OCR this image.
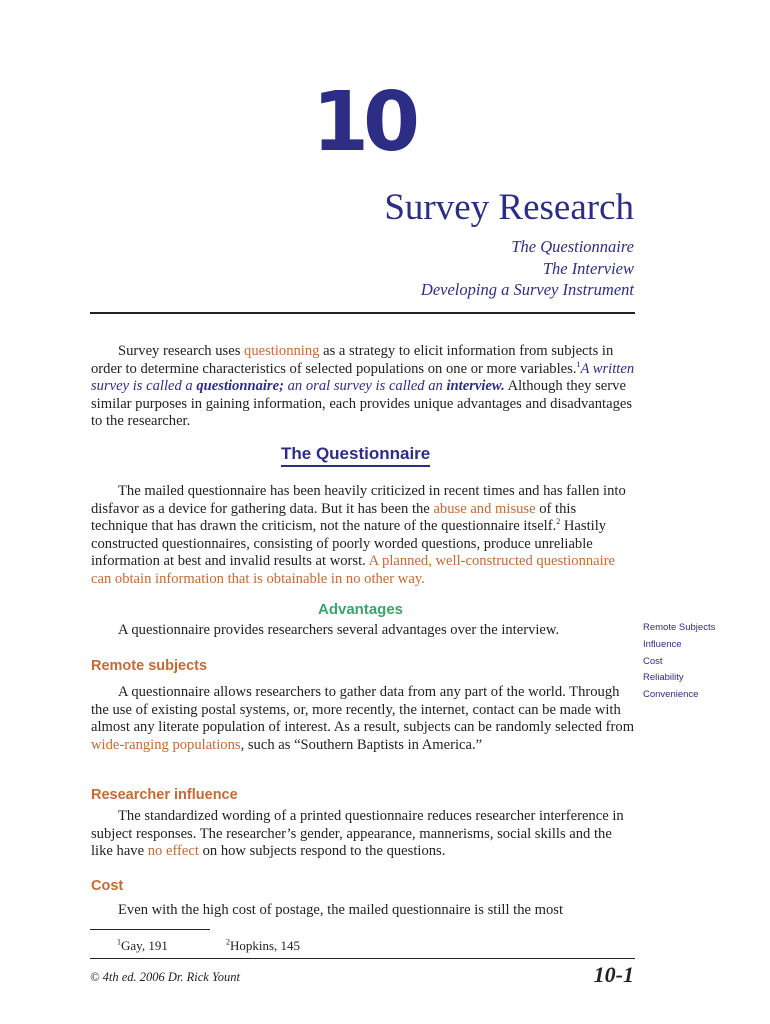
10
Survey Research
The Questionnaire
The Interview
Developing a Survey Instrument

Survey research uses questionning as a strategy to elicit information from subjects in order to determine characteristics of selected populations on one or more variables.$^1$A written survey is called a questionnaire; an oral survey is called an interview. Although they serve similar purposes in gaining information, each provides unique advantages and disadvantages to the researcher.

The Questionnaire

The mailed questionnaire has been heavily criticized in recent times and has fallen into disfavor as a device for gathering data. But it has been the abuse and misuse of this technique that has drawn the criticism, not the nature of the questionnaire itself.$^2$ Hastily constructed questionnaires, consisting of poorly worded questions, produce unreliable information at best and invalid results at worst. A planned, well-constructed questionnaire can obtain information that is obtainable in no other way.

Advantages

A questionnaire provides researchers several advantages over the interview.	Remote Subjects
Influence
Cost
Reliability
Convenience
Remote subjects

A questionnaire allows researchers to gather data from any part of the world. Through the use of existing postal systems, or, more recently, the internet, contact can be made with almost any literate population of interest. As a result, subjects can be randomly selected from wide-ranging populations, such as “Southern Baptists in America.”

Researcher influence

The standardized wording of a printed questionnaire reduces researcher interference in subject responses. The researcher’s gender, appearance, mannerisms, social skills and the like have no effect on how subjects respond to the questions.

Cost

Even with the high cost of postage, the mailed questionnaire is still the most

$^1$Gay, 191	$^2$Hopkins, 145
© 4th ed. 2006 Dr. Rick Yount	10-1
